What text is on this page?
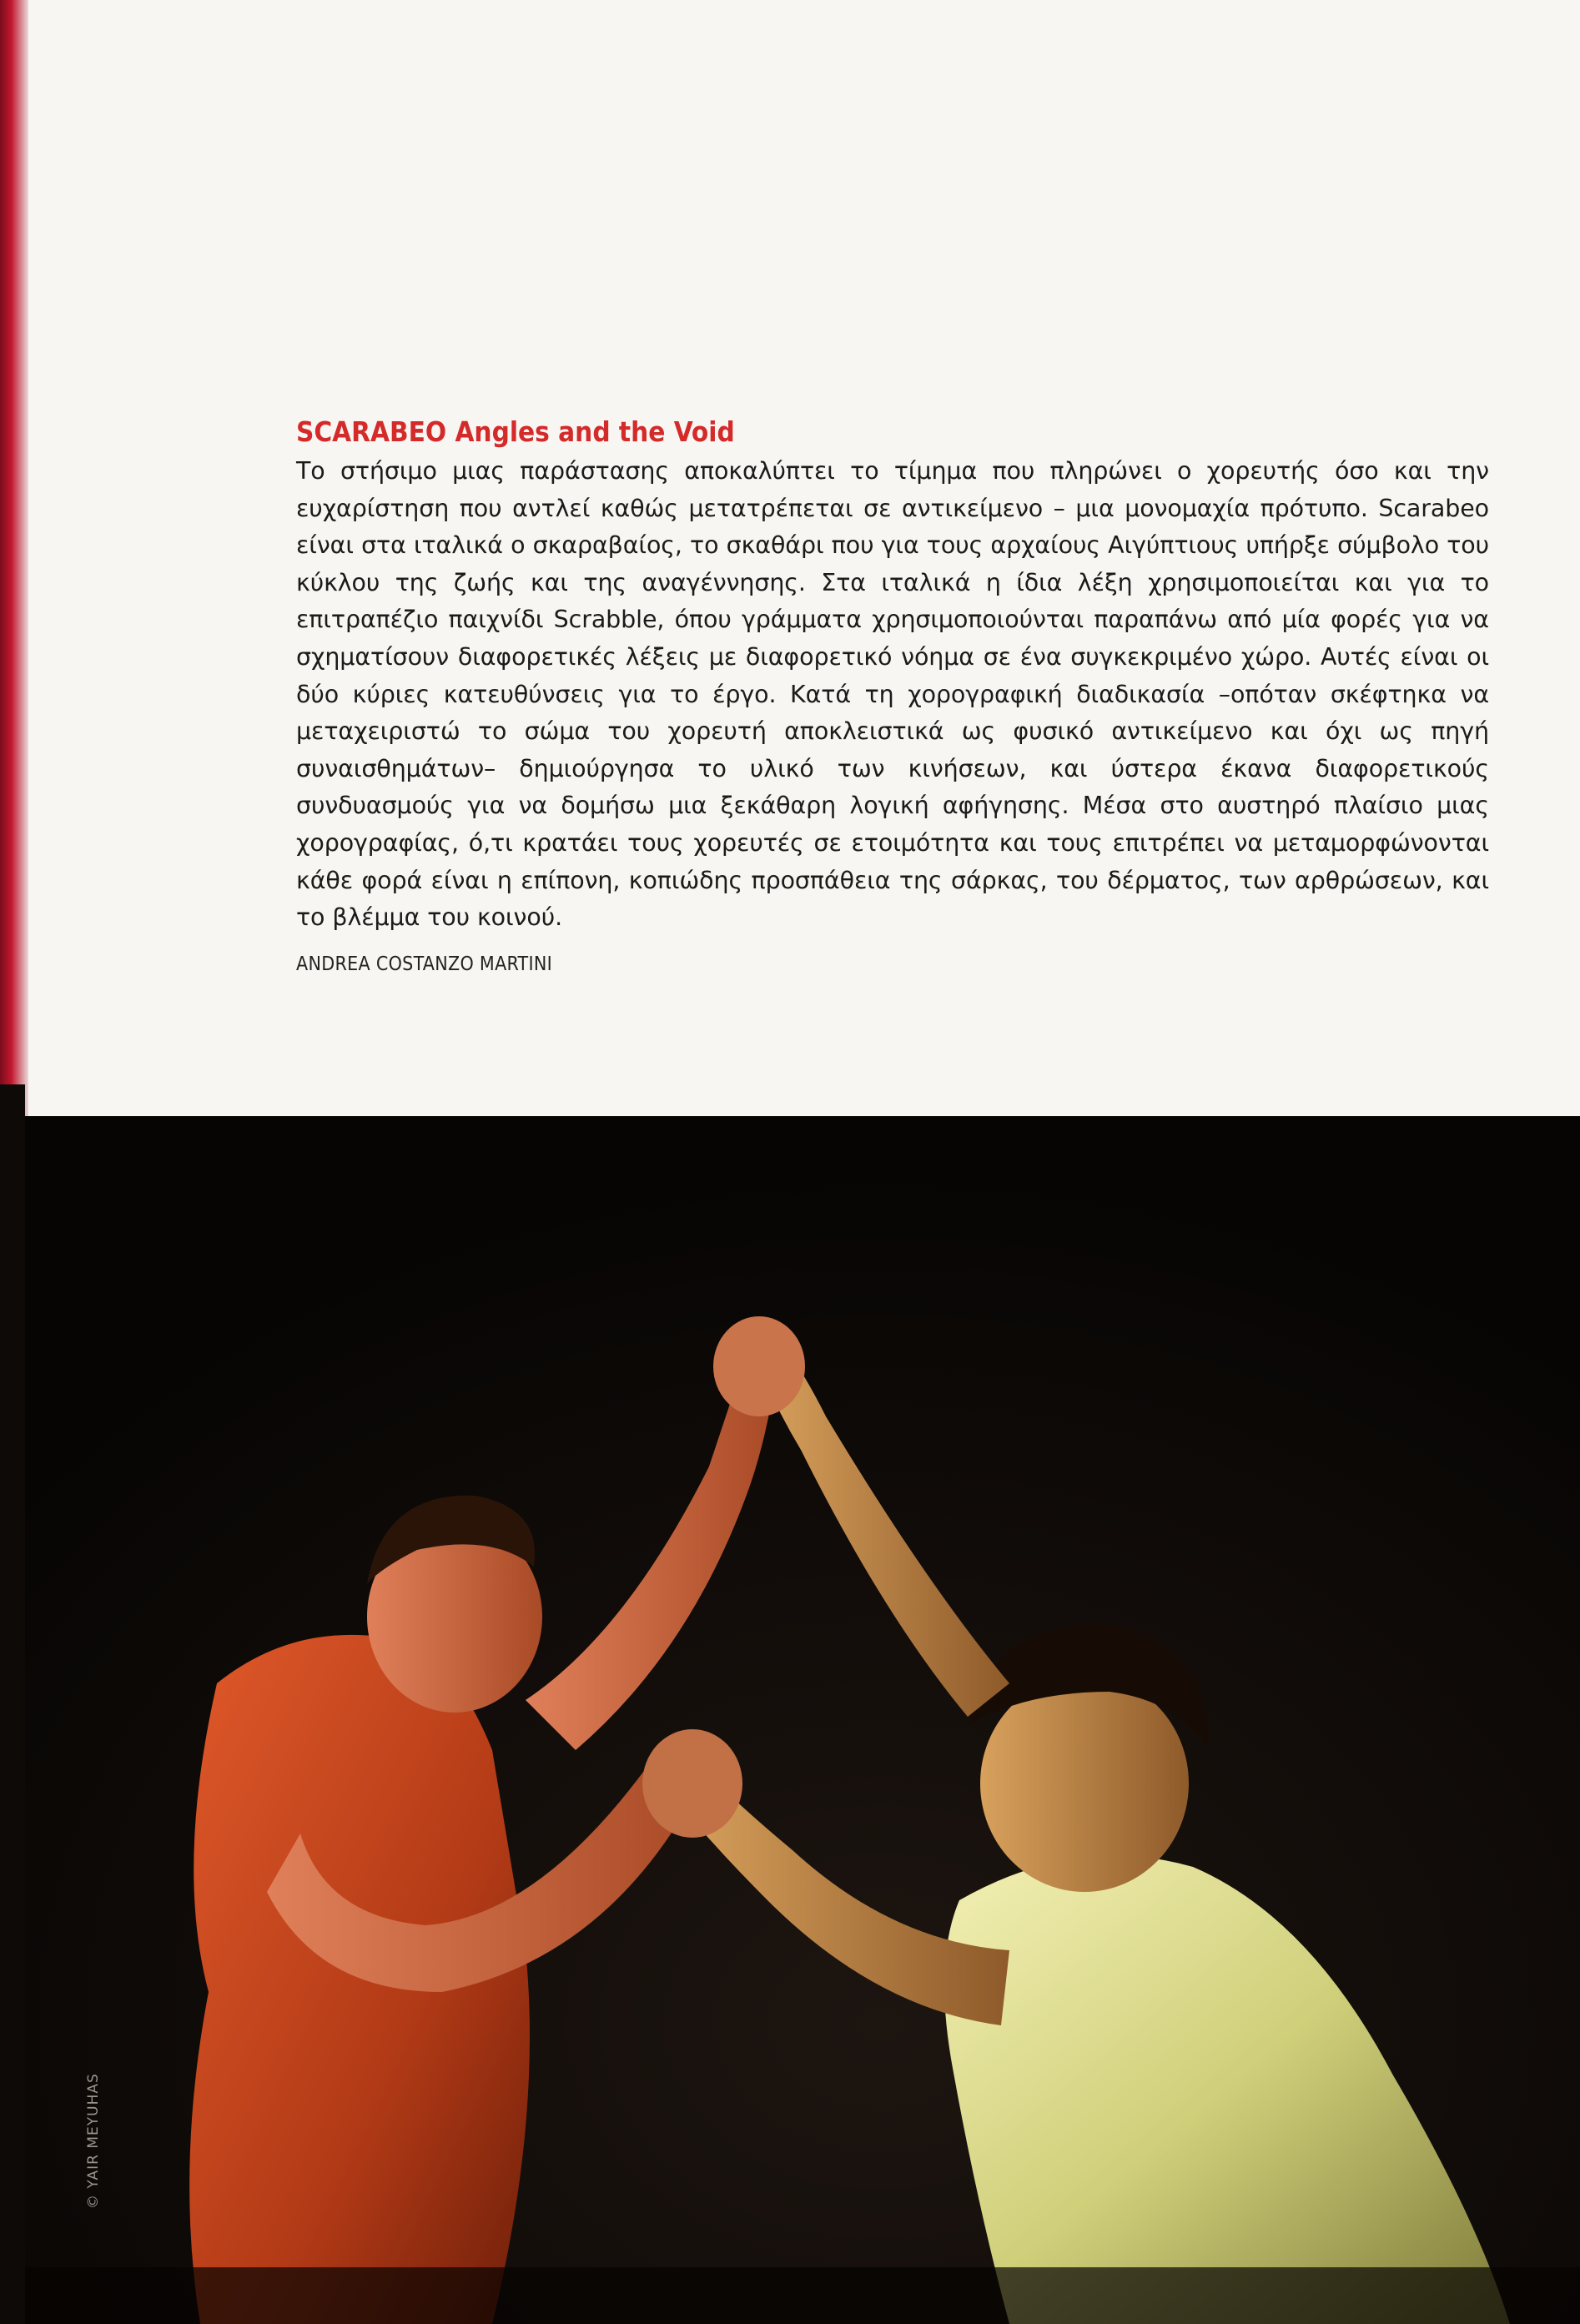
SCARABEO Angles and the Void

Το στήσιμο μιας παράστασης αποκαλύπτει το τίμημα που πληρώνει ο χορευτής όσο και την ευχαρίστηση που αντλεί καθώς μετατρέπεται σε αντικείμενο – μια μονομαχία πρότυπο. Scarabeo είναι στα ιταλικά ο σκαραβαίος, το σκαθάρι που για τους αρχαίους Αιγύπτιους υπήρξε σύμβολο του κύκλου της ζωής και της αναγέννησης. Στα ιταλικά η ίδια λέξη χρησιμοποιείται και για το επιτραπέζιο παιχνίδι Scrabble, όπου γράμματα χρησιμοποιούνται παραπάνω από μία φορές για να σχηματίσουν διαφορετικές λέξεις με διαφορετικό νόημα σε ένα συγκεκριμένο χώρο. Αυτές είναι οι δύο κύριες κατευθύνσεις για το έργο. Κατά τη χορογραφική διαδικασία –οπόταν σκέφτηκα να μεταχειριστώ το σώμα του χορευτή αποκλειστικά ως φυσικό αντικείμενο και όχι ως πηγή συναισθημάτων– δημιούργησα το υλικό των κινήσεων, και ύστερα έκανα διαφορετικούς συνδυασμούς για να δομήσω μια ξεκάθαρη λογική αφήγησης. Μέσα στο αυστηρό πλαίσιο μιας χορογραφίας, ό,τι κρατάει τους χορευτές σε ετοιμότητα και τους επιτρέπει να μεταμορφώνονται κάθε φορά είναι η επίπονη, κοπιώδης προσπάθεια της σάρκας, του δέρματος, των αρθρώσεων, και το βλέμμα του κοινού.

ANDREA COSTANZO MARTINI
© YAIR MEYUHAS
